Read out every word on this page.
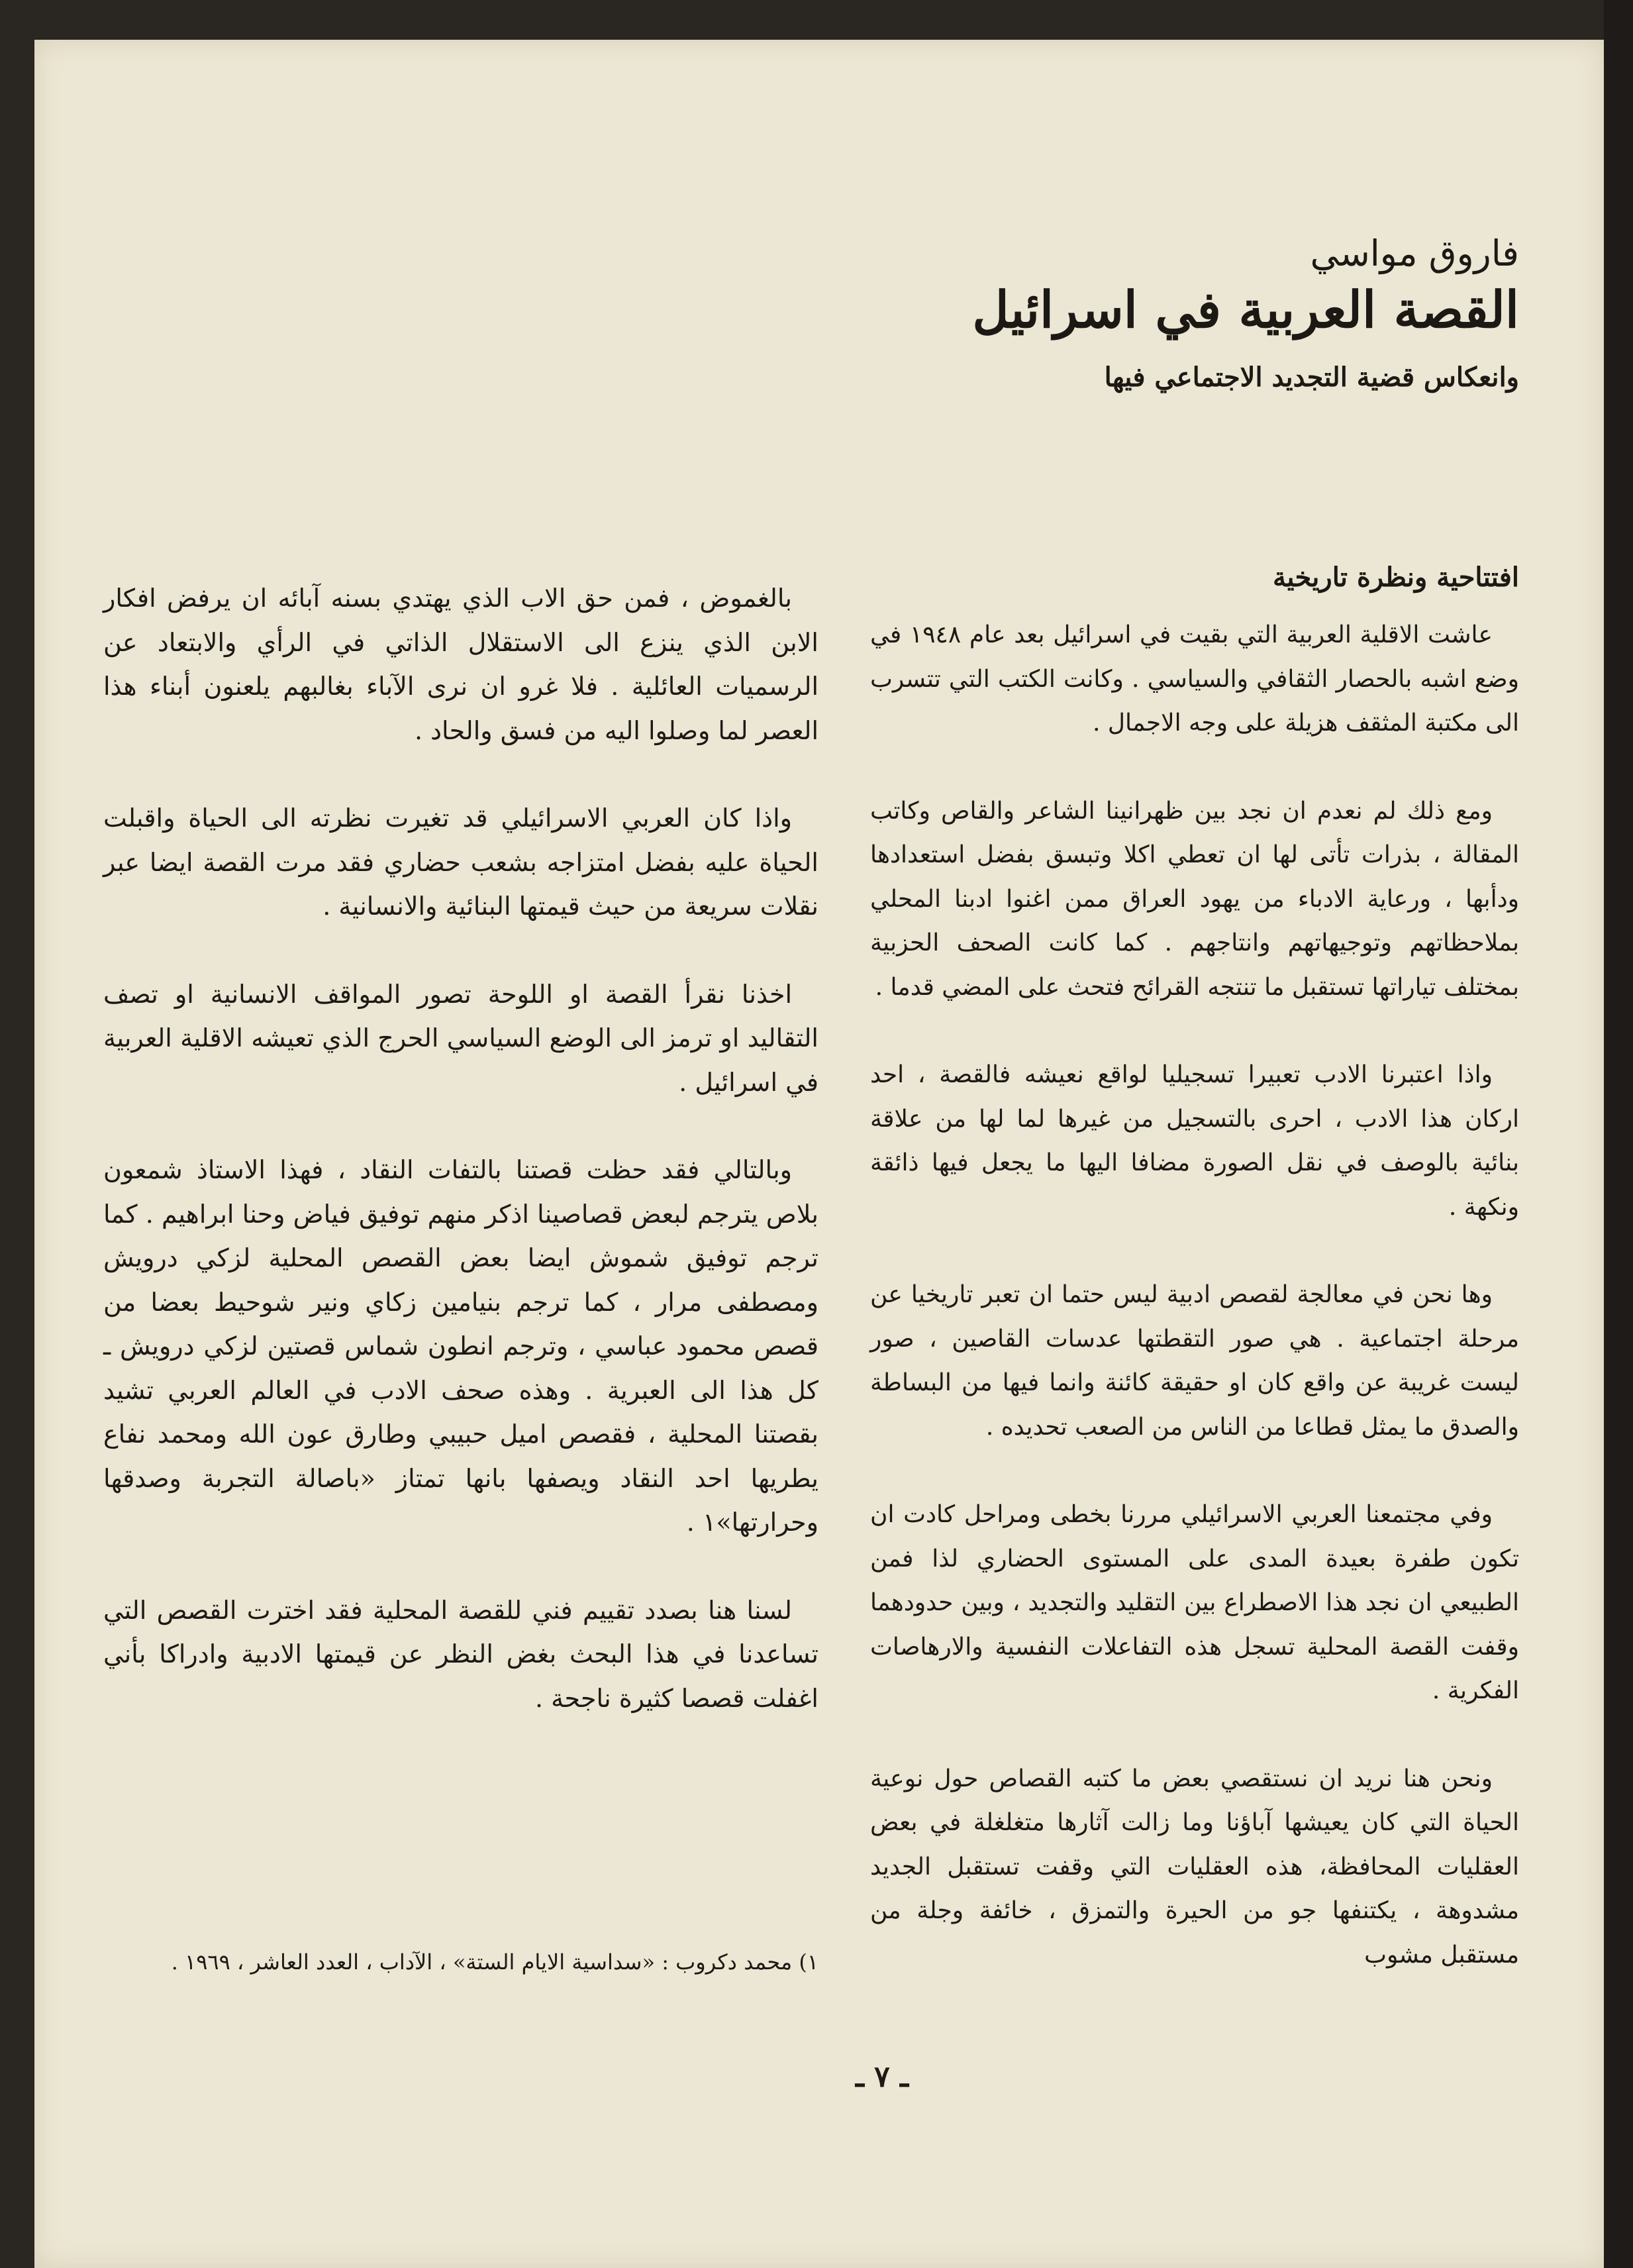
فاروق مواسي
القصة العربية في اسرائيل
وانعكاس قضية التجديد الاجتماعي فيها
افتتاحية ونظرة تاريخية

عاشت الاقلية العربية التي بقيت في اسرائيل بعد عام ١٩٤٨ في وضع اشبه بالحصار الثقافي والسياسي . وكانت الكتب التي تتسرب الى مكتبة المثقف هزيلة على وجه الاجمال .

ومع ذلك لم نعدم ان نجد بين ظهرانينا الشاعر والقاص وكاتب المقالة ، بذرات تأتى لها ان تعطي اكلا وتبسق بفضل استعدادها ودأبها ، ورعاية الادباء من يهود العراق ممن اغنوا ادبنا المحلي بملاحظاتهم وتوجيهاتهم وانتاجهم . كما كانت الصحف الحزبية بمختلف تياراتها تستقبل ما تنتجه القرائح فتحث على المضي قدما .

واذا اعتبرنا الادب تعبيرا تسجيليا لواقع نعيشه فالقصة ، احد اركان هذا الادب ، احرى بالتسجيل من غيرها لما لها من علاقة بنائية بالوصف في نقل الصورة مضافا اليها ما يجعل فيها ذائقة ونكهة .

وها نحن في معالجة لقصص ادبية ليس حتما ان تعبر تاريخيا عن مرحلة اجتماعية . هي صور التقطتها عدسات القاصين ، صور ليست غريبة عن واقع كان او حقيقة كائنة وانما فيها من البساطة والصدق ما يمثل قطاعا من الناس من الصعب تحديده .

وفي مجتمعنا العربي الاسرائيلي مررنا بخطى ومراحل كادت ان تكون طفرة بعيدة المدى على المستوى الحضاري لذا فمن الطبيعي ان نجد هذا الاصطراع بين التقليد والتجديد ، وبين حدودهما وقفت القصة المحلية تسجل هذه التفاعلات النفسية والارهاصات الفكرية .

ونحن هنا نريد ان نستقصي بعض ما كتبه القصاص حول نوعية الحياة التي كان يعيشها آباؤنا وما زالت آثارها متغلغلة في بعض العقليات المحافظة، هذه العقليات التي وقفت تستقبل الجديد مشدوهة ، يكتنفها جو من الحيرة والتمزق ، خائفة وجلة من مستقبل مشوب

بالغموض ، فمن حق الاب الذي يهتدي بسنه آبائه ان يرفض افكار الابن الذي ينزع الى الاستقلال الذاتي في الرأي والابتعاد عن الرسميات العائلية . فلا غرو ان نرى الآباء بغالبهم يلعنون أبناء هذا العصر لما وصلوا اليه من فسق والحاد .

واذا كان العربي الاسرائيلي قد تغيرت نظرته الى الحياة واقبلت الحياة عليه بفضل امتزاجه بشعب حضاري فقد مرت القصة ايضا عبر نقلات سريعة من حيث قيمتها البنائية والانسانية .

اخذنا نقرأ القصة او اللوحة تصور المواقف الانسانية او تصف التقاليد او ترمز الى الوضع السياسي الحرج الذي تعيشه الاقلية العربية في اسرائيل .

وبالتالي فقد حظت قصتنا بالتفات النقاد ، فهذا الاستاذ شمعون بلاص يترجم لبعض قصاصينا اذكر منهم توفيق فياض وحنا ابراهيم . كما ترجم توفيق شموش ايضا بعض القصص المحلية لزكي درويش ومصطفى مرار ، كما ترجم بنيامين زكاي ونير شوحيط بعضا من قصص محمود عباسي ، وترجم انطون شماس قصتين لزكي درويش ـ كل هذا الى العبرية . وهذه صحف الادب في العالم العربي تشيد بقصتنا المحلية ، فقصص اميل حبيبي وطارق عون الله ومحمد نفاع يطريها احد النقاد ويصفها بانها تمتاز «باصالة التجربة وصدقها وحرارتها»١ .

لسنا هنا بصدد تقييم فني للقصة المحلية فقد اخترت القصص التي تساعدنا في هذا البحث بغض النظر عن قيمتها الادبية وادراكا بأني اغفلت قصصا كثيرة ناجحة .

١) محمد دكروب : «سداسية الايام الستة» ، الآداب ، العدد العاشر ، ١٩٦٩ .
ـ ٧ ـ
